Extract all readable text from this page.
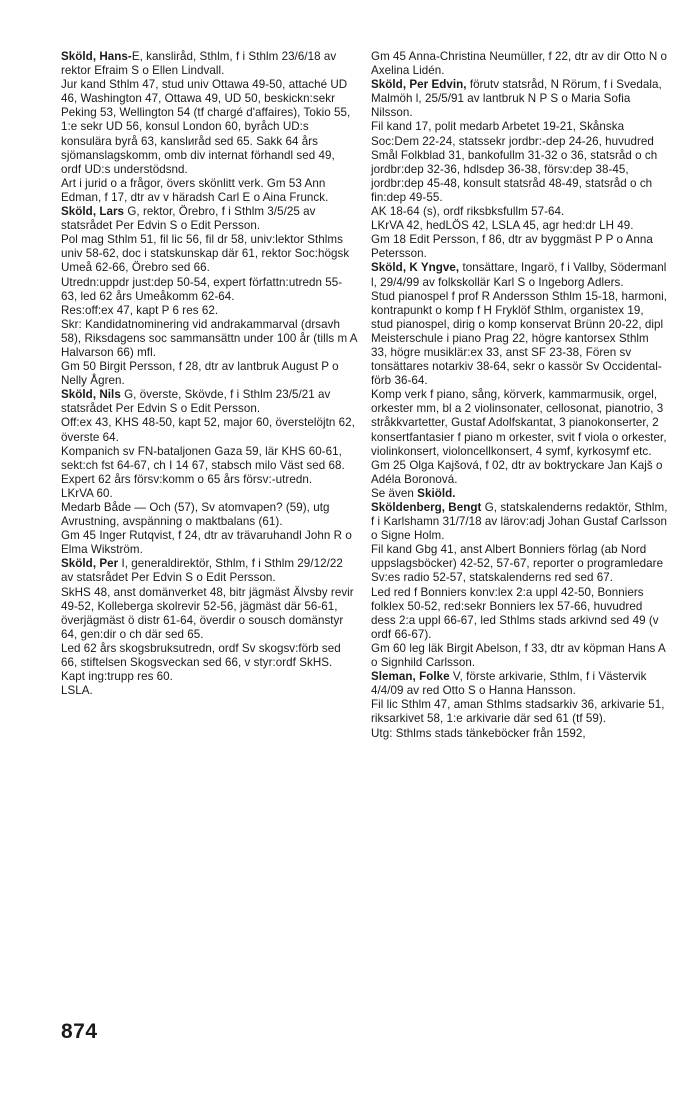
Sköld, Hans-E, kansliråd, Sthlm, f i Sthlm 23/6/18 av rektor Efraim S o Ellen Lindvall.

Jur kand Sthlm 47, stud univ Ottawa 49-50, attaché UD 46, Washington 47, Ottawa 49, UD 50, beskickn:sekr Peking 53, Wellington 54 (tf chargé d'affaires), Tokio 55, 1:e sekr UD 56, konsul London 60, byråch UD:s konsulära byrå 63, kanslиråd sed 65. Sakk 64 års sjömanslagskomm, omb div internat förhandl sed 49, ordf UD:s understödsnd.

Art i jurid o a frågor, övers skönlitt verk. Gm 53 Ann Edman, f 17, dtr av v häradsh Carl E o Aina Frunck.

Sköld, Lars G, rektor, Örebro, f i Sthlm 3/5/25 av statsrådet Per Edvin S o Edit Persson.

Pol mag Sthlm 51, fil lic 56, fil dr 58, univ:lektor Sthlms univ 58-62, doc i statskunskap där 61, rektor Soc:högsk Umeå 62-66, Örebro sed 66.

Utredn:uppdr just:dep 50-54, expert författn:utredn 55-63, led 62 års Umeåkomm 62-64.

Res:off:ex 47, kapt P 6 res 62.

Skr: Kandidatnominering vid andrakammarval (drsavh 58), Riksdagens soc sammansättn under 100 år (tills m A Halvarson 66) mfl.

Gm 50 Birgit Persson, f 28, dtr av lantbruk August P o Nelly Ågren.

Sköld, Nils G, överste, Skövde, f i Sthlm 23/5/21 av statsrådet Per Edvin S o Edit Persson.

Off:ex 43, KHS 48-50, kapt 52, major 60, överstelöjtn 62, överste 64.

Kompanich sv FN-bataljonen Gaza 59, lär KHS 60-61, sekt:ch fst 64-67, ch I 14 67, stabsch milo Väst sed 68.

Expert 62 års försv:komm o 65 års försv:-utredn.

LKrVA 60.

Medarb Både — Och (57), Sv atomvapen? (59), utg Avrustning, avspänning o maktbalans (61).

Gm 45 Inger Rutqvist, f 24, dtr av trävaruhandl John R o Elma Wikström.

Sköld, Per I, generaldirektör, Sthlm, f i Sthlm 29/12/22 av statsrådet Per Edvin S o Edit Persson.

SkHS 48, anst domänverket 48, bitr jägmäst Älvsby revir 49-52, Kolleberga skolrevir 52-56, jägmäst där 56-61, överjägmäst ö distr 61-64, överdir o sousch domänstyr 64, gen:dir o ch där sed 65.

Led 62 års skogsbruksutredn, ordf Sv skogsv:förb sed 66, stiftelsen Skogsveckan sed 66, v styr:ordf SkHS.

Kapt ing:trupp res 60.

LSLA.

Gm 45 Anna-Christina Neumüller, f 22, dtr av dir Otto N o Axelina Lidén.

Sköld, Per Edvin, förutv statsråd, N Rörum, f i Svedala, Malmöh l, 25/5/91 av lantbruk N P S o Maria Sofia Nilsson.

Fil kand 17, polit medarb Arbetet 19-21, Skånska Soc:Dem 22-24, statssekr jordbr:-dep 24-26, huvudred Smål Folkblad 31, bankofullm 31-32 o 36, statsråd o ch jordbr:dep 32-36, hdlsdep 36-38, försv:dep 38-45, jordbr:dep 45-48, konsult statsråd 48-49, statsråd o ch fin:dep 49-55.

AK 18-64 (s), ordf riksbksfullm 57-64.

LKrVA 42, hedLÖS 42, LSLA 45, agr hed:dr LH 49.

Gm 18 Edit Persson, f 86, dtr av byggmäst P P o Anna Petersson.

Sköld, K Yngve, tonsättare, Ingarö, f i Vallby, Södermanl l, 29/4/99 av folkskollär Karl S o Ingeborg Adlers.

Stud pianospel f prof R Andersson Sthlm 15-18, harmoni, kontrapunkt o komp f H Fryklöf Sthlm, organistex 19, stud pianospel, dirig o komp konservat Brünn 20-22, dipl Meisterschule i piano Prag 22, högre kantorsex Sthlm 33, högre musiklär:ex 33, anst SF 23-38, Fören sv tonsättares notarkiv 38-64, sekr o kassör Sv Occidental-förb 36-64.

Komp verk f piano, sång, körverk, kammarmusik, orgel, orkester mm, bl a 2 violinsonater, cellosonat, pianotrio, 3 stråkkvartetter, Gustaf Adolfskantat, 3 pianokonserter, 2 konsertfantasier f piano m orkester, svit f viola o orkester, violinkonsert, violoncellkonsert, 4 symf, kyrkosymf etc.

Gm 25 Olga Kajšová, f 02, dtr av boktryckare Jan Kajš o Adéla Boronová.

Se även Skiöld.

Sköldenberg, Bengt G, statskalenderns redaktör, Sthlm, f i Karlshamn 31/7/18 av lärov:adj Johan Gustaf Carlsson o Signe Holm.

Fil kand Gbg 41, anst Albert Bonniers förlag (ab Nord uppslagsböcker) 42-52, 57-67, reporter o programledare Sv:es radio 52-57, statskalenderns red sed 67.

Led red f Bonniers konv:lex 2:a uppl 42-50, Bonniers folklex 50-52, red:sekr Bonniers lex 57-66, huvudred dess 2:a uppl 66-67, led Sthlms stads arkivnd sed 49 (v ordf 66-67).

Gm 60 leg läk Birgit Abelson, f 33, dtr av köpman Hans A o Signhild Carlsson.

Sleman, Folke V, förste arkivarie, Sthlm, f i Västervik 4/4/09 av red Otto S o Hanna Hansson.

Fil lic Sthlm 47, aman Sthlms stadsarkiv 36, arkivarie 51, riksarkivet 58, 1:e arkivarie där sed 61 (tf 59).

Utg: Sthlms stads tänkeböcker från 1592,

874
